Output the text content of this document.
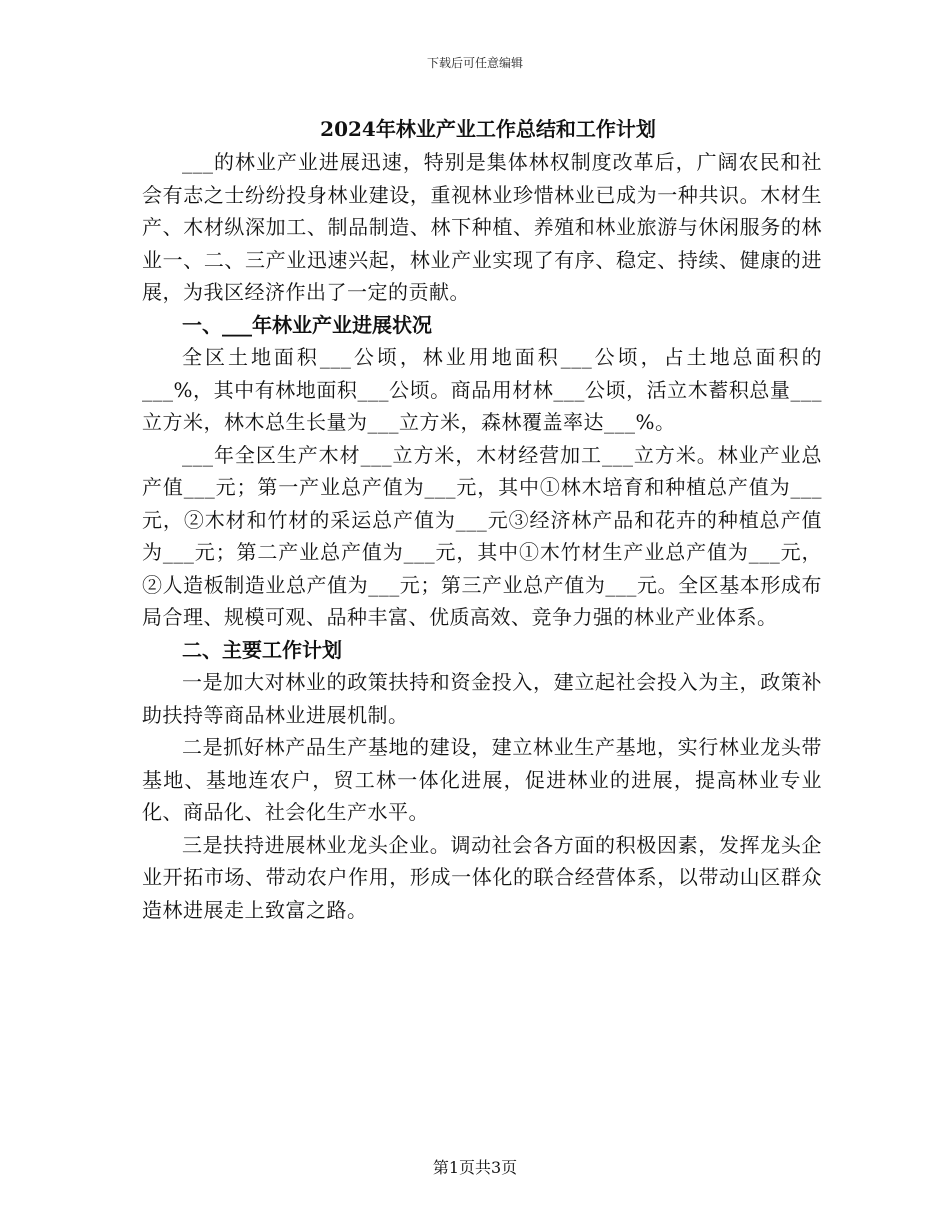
下载后可任意编辑
2024年林业产业工作总结和工作计划

___的林业产业进展迅速，特别是集体林权制度改革后，广阔农民和社会有志之士纷纷投身林业建设，重视林业珍惜林业已成为一种共识。木材生产、木材纵深加工、制品制造、林下种植、养殖和林业旅游与休闲服务的林业一、二、三产业迅速兴起，林业产业实现了有序、稳定、持续、健康的进展，为我区经济作出了一定的贡献。

一、___年林业产业进展状况

全区土地面积___公顷，林业用地面积___公顷，占土地总面积的___%，其中有林地面积___公顷。商品用材林___公顷，活立木蓄积总量___立方米，林木总生长量为___立方米，森林覆盖率达___%。

___年全区生产木材___立方米，木材经营加工___立方米。林业产业总产值___元；第一产业总产值为___元，其中①林木培育和种植总产值为___元，②木材和竹材的采运总产值为___元③经济林产品和花卉的种植总产值为___元；第二产业总产值为___元，其中①木竹材生产业总产值为___元，②人造板制造业总产值为___元；第三产业总产值为___元。全区基本形成布局合理、规模可观、品种丰富、优质高效、竞争力强的林业产业体系。

二、主要工作计划

一是加大对林业的政策扶持和资金投入，建立起社会投入为主，政策补助扶持等商品林业进展机制。

二是抓好林产品生产基地的建设，建立林业生产基地，实行林业龙头带基地、基地连农户，贸工林一体化进展，促进林业的进展，提高林业专业化、商品化、社会化生产水平。

三是扶持进展林业龙头企业。调动社会各方面的积极因素，发挥龙头企业开拓市场、带动农户作用，形成一体化的联合经营体系，以带动山区群众造林进展走上致富之路。

第1页共3页
